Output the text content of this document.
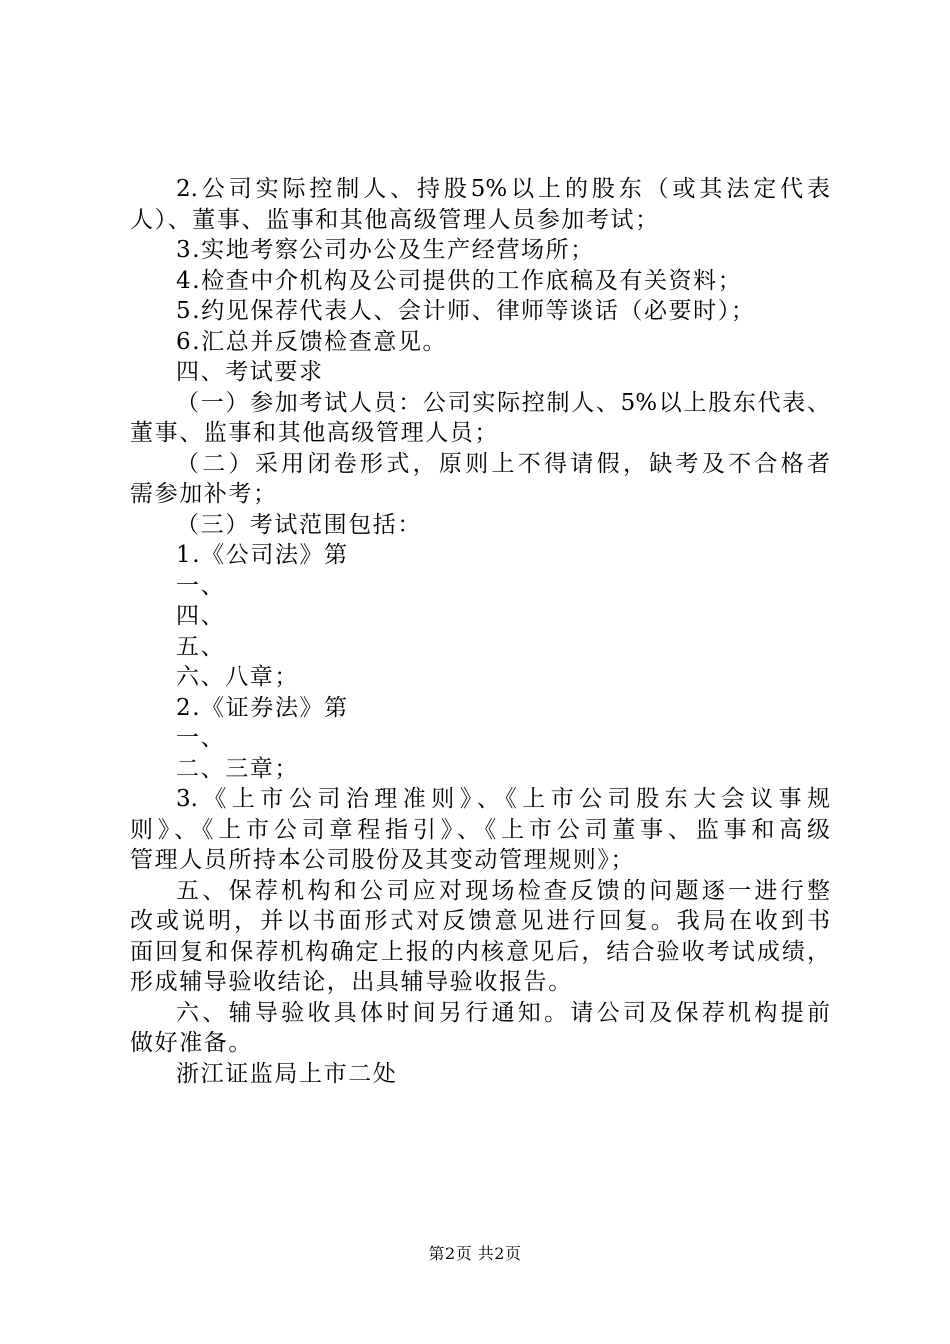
2.公司实际控制人、持股5%以上的股东（或其法定代表
人）、董事、监事和其他高级管理人员参加考试；
3.实地考察公司办公及生产经营场所；
4.检查中介机构及公司提供的工作底稿及有关资料；
5.约见保荐代表人、会计师、律师等谈话（必要时）；
6.汇总并反馈检查意见。
四、考试要求
（一）参加考试人员：公司实际控制人、5%以上股东代表、
董事、监事和其他高级管理人员；
（二）采用闭卷形式，原则上不得请假，缺考及不合格者
需参加补考；
（三）考试范围包括：
1.《公司法》第
一、
四、
五、
六、八章；
2.《证券法》第
一、
二、三章；
3.《上市公司治理准则》、《上市公司股东大会议事规
则》、《上市公司章程指引》、《上市公司董事、监事和高级
管理人员所持本公司股份及其变动管理规则》；
五、保荐机构和公司应对现场检查反馈的问题逐一进行整
改或说明，并以书面形式对反馈意见进行回复。我局在收到书
面回复和保荐机构确定上报的内核意见后，结合验收考试成绩，
形成辅导验收结论，出具辅导验收报告。
六、辅导验收具体时间另行通知。请公司及保荐机构提前
做好准备。
浙江证监局上市二处
第2页 共2页
